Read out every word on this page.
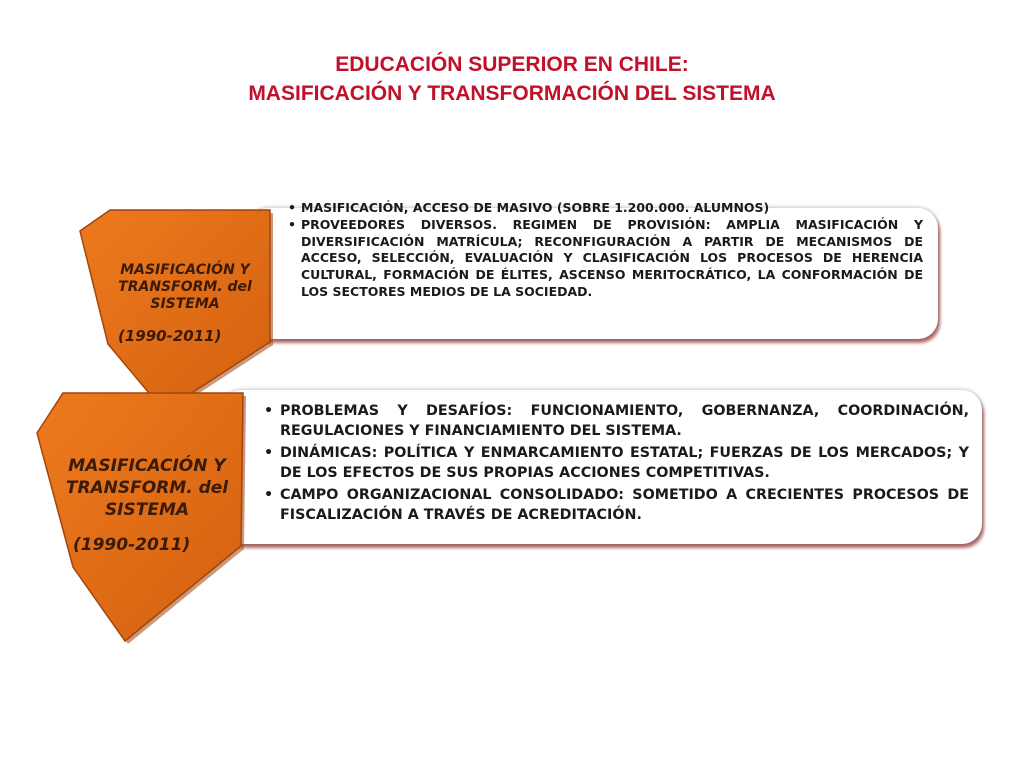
EDUCACIÓN SUPERIOR EN CHILE:
MASIFICACIÓN Y TRANSFORMACIÓN DEL SISTEMA
• MASIFICACIÓN, ACCESO DE MASIVO (SOBRE 1.200.000. ALUMNOS)
• PROVEEDORES DIVERSOS. REGIMEN DE PROVISIÓN: AMPLIA MASIFICACIÓN Y DIVERSIFICACIÓN MATRÍCULA; RECONFIGURACIÓN A PARTIR DE MECANISMOS DE ACCESO, SELECCIÓN, EVALUACIÓN Y CLASIFICACIÓN LOS PROCESOS DE HERENCIA CULTURAL, FORMACIÓN DE ÉLITES, ASCENSO MERITOCRÁTICO, LA CONFORMACIÓN DE LOS SECTORES MEDIOS DE LA SOCIEDAD.
MASIFICACIÓN Y TRANSFORM. del SISTEMA
(1990-2011)
• PROBLEMAS Y DESAFÍOS: FUNCIONAMIENTO, GOBERNANZA, COORDINACIÓN, REGULACIONES Y FINANCIAMIENTO DEL SISTEMA.
• DINÁMICAS: POLÍTICA Y ENMARCAMIENTO ESTATAL; FUERZAS DE LOS MERCADOS; Y DE LOS EFECTOS DE SUS PROPIAS ACCIONES COMPETITIVAS.
• CAMPO ORGANIZACIONAL CONSOLIDADO: SOMETIDO A CRECIENTES PROCESOS DE FISCALIZACIÓN A TRAVÉS DE ACREDITACIÓN.
MASIFICACIÓN Y TRANSFORM. del SISTEMA
(1990-2011)
